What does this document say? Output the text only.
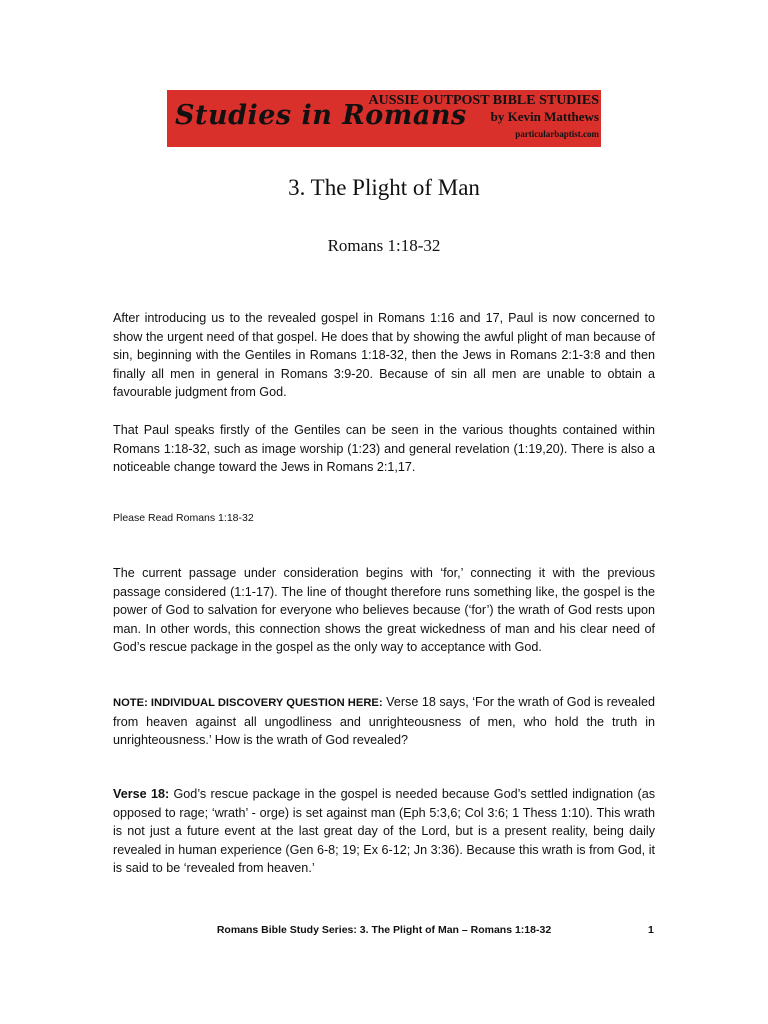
Studies in Romans
AUSSIE OUTPOST BIBLE STUDIES
by Kevin Matthews
particularbaptist.com
3. The Plight of Man
Romans 1:18-32

After introducing us to the revealed gospel in Romans 1:16 and 17, Paul is now concerned to show the urgent need of that gospel. He does that by showing the awful plight of man because of sin, beginning with the Gentiles in Romans 1:18-32, then the Jews in Romans 2:1-3:8 and then finally all men in general in Romans 3:9-20. Because of sin all men are unable to obtain a favourable judgment from God.

That Paul speaks firstly of the Gentiles can be seen in the various thoughts contained within Romans 1:18-32, such as image worship (1:23) and general revelation (1:19,20). There is also a noticeable change toward the Jews in Romans 2:1,17.

Please Read Romans 1:18-32

The current passage under consideration begins with ‘for,’ connecting it with the previous passage considered (1:1-17). The line of thought therefore runs something like, the gospel is the power of God to salvation for everyone who believes because (‘for’) the wrath of God rests upon man. In other words, this connection shows the great wickedness of man and his clear need of God’s rescue package in the gospel as the only way to acceptance with God.

NOTE: INDIVIDUAL DISCOVERY QUESTION HERE: Verse 18 says, ‘For the wrath of God is revealed from heaven against all ungodliness and unrighteousness of men, who hold the truth in unrighteousness.’ How is the wrath of God revealed?

Verse 18: God’s rescue package in the gospel is needed because God’s settled indignation (as opposed to rage; ‘wrath’ - orge) is set against man (Eph 5:3,6; Col 3:6; 1 Thess 1:10). This wrath is not just a future event at the last great day of the Lord, but is a present reality, being daily revealed in human experience (Gen 6-8; 19; Ex 6-12; Jn 3:36). Because this wrath is from God, it is said to be ‘revealed from heaven.’

Romans Bible Study Series: 3. The Plight of Man – Romans 1:18-32	1
